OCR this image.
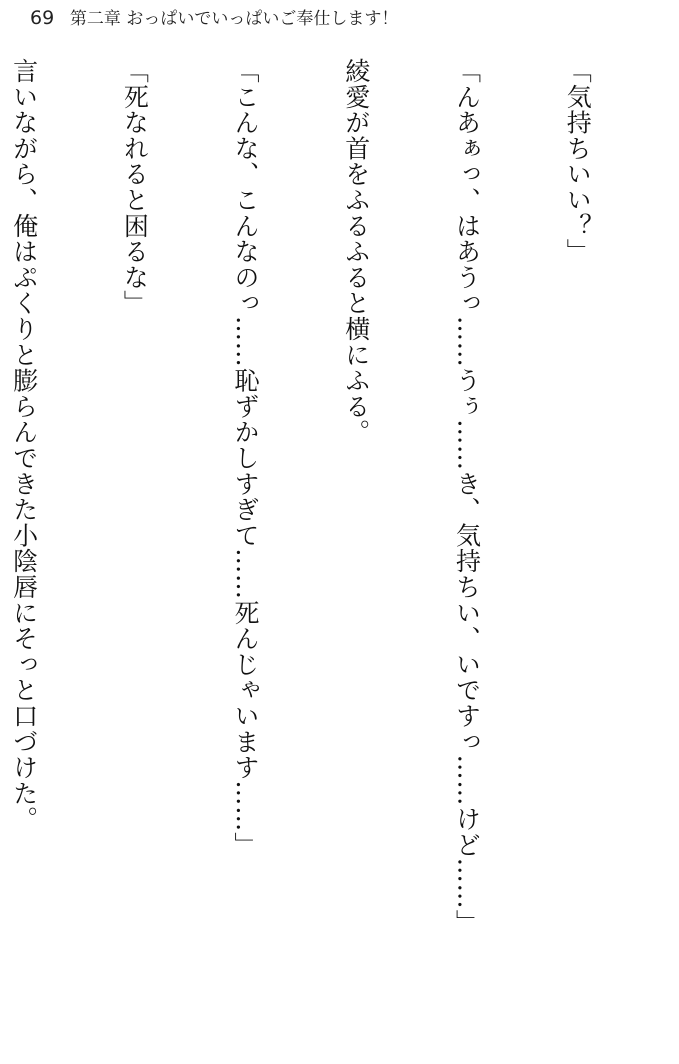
69 第二章 おっぱいでいっぱいご奉仕します！

「気持ちいい？」

「んあぁっ、はあうっ……うぅ……き、気持ちい、いですっ……けど……」

綾愛が首をふるふると横にふる。

「こんな、こんなのっ……恥ずかしすぎて……死んじゃいます……」

「死なれると困るな」

言いながら、俺はぷくりと膨らんできた小陰唇にそっと口づけた。
